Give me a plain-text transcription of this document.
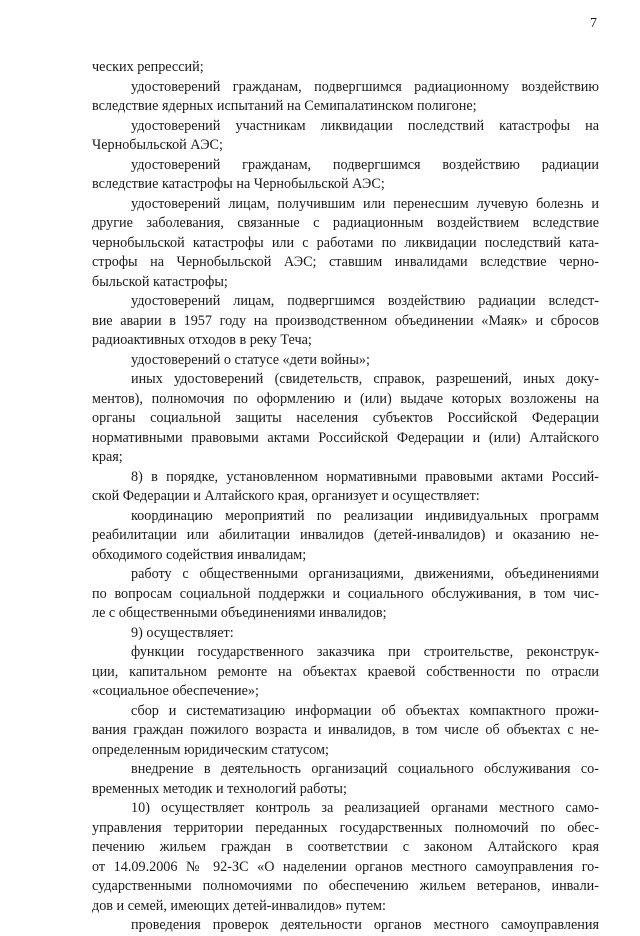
7
ческих репрессий;
удостоверений гражданам, подвергшимся радиационному воздействию
вследствие ядерных испытаний на Семипалатинском полигоне;
удостоверений участникам ликвидации последствий катастрофы на
Чернобыльской АЭС;
удостоверений гражданам, подвергшимся воздействию радиации
вследствие катастрофы на Чернобыльской АЭС;
удостоверений лицам, получившим или перенесшим лучевую болезнь и
другие заболевания, связанные с радиационным воздействием вследствие
чернобыльской катастрофы или с работами по ликвидации последствий ката-
строфы на Чернобыльской АЭС; ставшим инвалидами вследствие черно-
быльской катастрофы;
удостоверений лицам, подвергшимся воздействию радиации вследст-
вие аварии в 1957 году на производственном объединении «Маяк» и сбросов
радиоактивных отходов в реку Теча;
удостоверений о статусе «дети войны»;
иных удостоверений (свидетельств, справок, разрешений, иных доку-
ментов), полномочия по оформлению и (или) выдаче которых возложены на
органы социальной защиты населения субъектов Российской Федерации
нормативными правовыми актами Российской Федерации и (или) Алтайского
края;
8) в порядке, установленном нормативными правовыми актами Россий-
ской Федерации и Алтайского края, организует и осуществляет:
координацию мероприятий по реализации индивидуальных программ
реабилитации или абилитации инвалидов (детей-инвалидов) и оказанию не-
обходимого содействия инвалидам;
работу с общественными организациями, движениями, объединениями
по вопросам социальной поддержки и социального обслуживания, в том чис-
ле с общественными объединениями инвалидов;
9) осуществляет:
функции государственного заказчика при строительстве, реконструк-
ции, капитальном ремонте на объектах краевой собственности по отрасли
«социальное обеспечение»;
сбор и систематизацию информации об объектах компактного прожи-
вания граждан пожилого возраста и инвалидов, в том числе об объектах с не-
определенным юридическим статусом;
внедрение в деятельность организаций социального обслуживания со-
временных методик и технологий работы;
10) осуществляет контроль за реализацией органами местного само-
управления территории переданных государственных полномочий по обес-
печению жильем граждан в соответствии с законом Алтайского края
от 14.09.2006 № 92-ЗС «О наделении органов местного самоуправления го-
сударственными полномочиями по обеспечению жильем ветеранов, инвали-
дов и семей, имеющих детей-инвалидов» путем:
проведения проверок деятельности органов местного самоуправления
